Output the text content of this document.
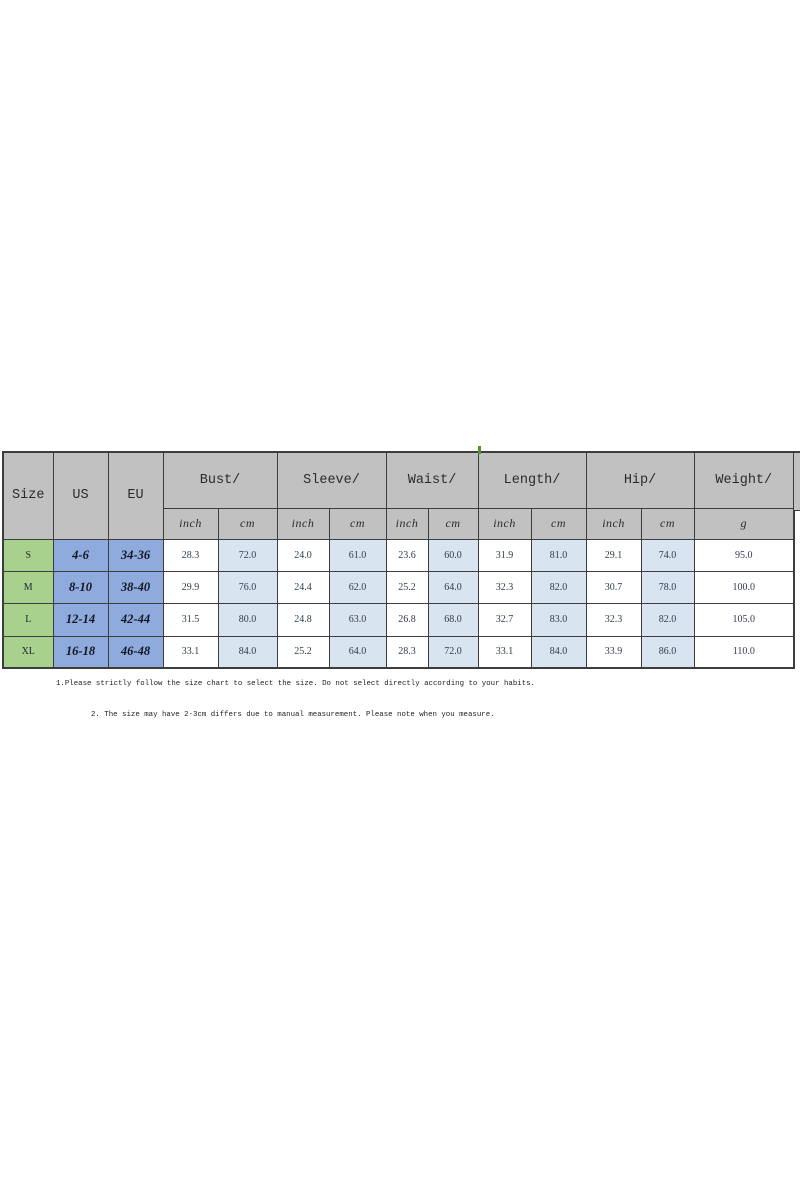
Size	US	EU	Bust/		Sleeve/		Waist/		Length/		Hip/		Weight/
			inch	cm	inch	cm	inch	cm	inch	cm	inch	cm	g
S	4-6	34-36	28.3	72.0	24.0	61.0	23.6	60.0	31.9	81.0	29.1	74.0	95.0
M	8-10	38-40	29.9	76.0	24.4	62.0	25.2	64.0	32.3	82.0	30.7	78.0	100.0
L	12-14	42-44	31.5	80.0	24.8	63.0	26.8	68.0	32.7	83.0	32.3	82.0	105.0
XL	16-18	46-48	33.1	84.0	25.2	64.0	28.3	72.0	33.1	84.0	33.9	86.0	110.0
1.Please strictly follow the size chart to select the size. Do not select directly according to your habits.
2. The size may have 2-3cm differs due to manual measurement. Please note when you measure.
